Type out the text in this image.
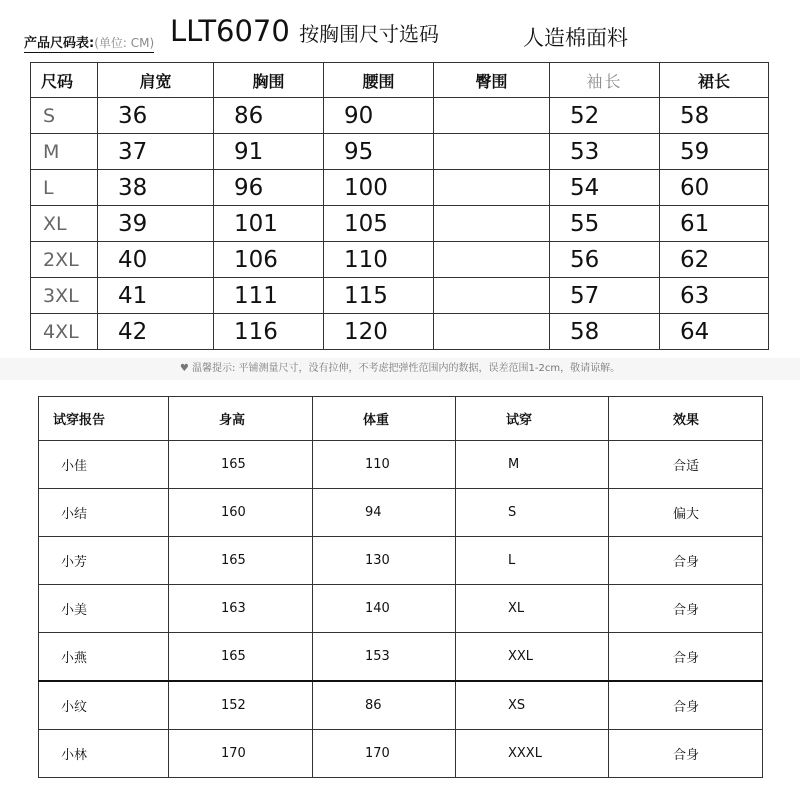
产品尺码表:(单位: CM) LLT6070 按胸围尺寸选码	人造棉面料
尺码	肩宽	胸围	腰围	臀围	袖长	裙长
S	36	86	90		52	58
M	37	91	95		53	59
L	38	96	100		54	60
XL	39	101	105		55	61
2XL	40	106	110		56	62
3XL	41	111	115		57	63
4XL	42	116	120		58	64
♥ 温馨提示: 平铺测量尺寸，没有拉伸，不考虑把弹性范围内的数据，误差范围1-2cm，敬请谅解。
试穿报告	身高	体重	试穿	效果
小佳	165	110	M	合适
小结	160	94	S	偏大
小芳	165	130	L	合身
小美	163	140	XL	合身
小燕	165	153	XXL	合身
小纹	152	86	XS	合身
小林	170	170	XXXL	合身
